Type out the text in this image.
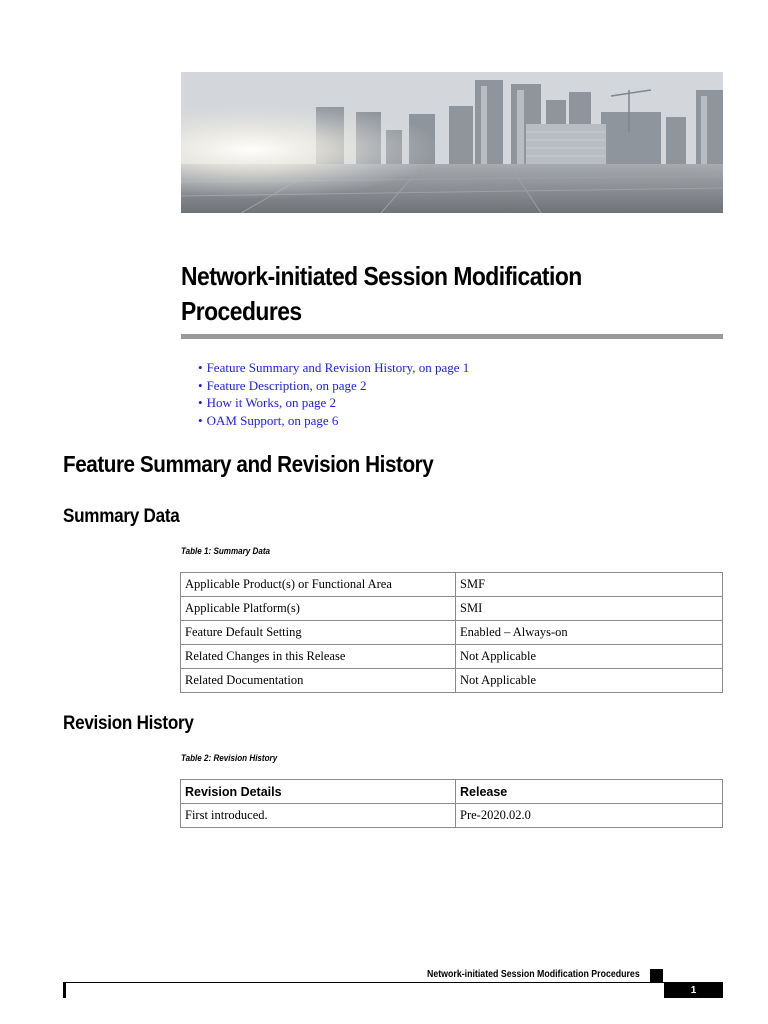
Network-initiated Session Modification
Procedures
• Feature Summary and Revision History, on page 1
• Feature Description, on page 2
• How it Works, on page 2
• OAM Support, on page 6
Feature Summary and Revision History
Summary Data
Table 1: Summary Data
Applicable Product(s) or Functional Area	SMF
Applicable Platform(s)	SMI
Feature Default Setting	Enabled – Always-on
Related Changes in this Release	Not Applicable
Related Documentation	Not Applicable
Revision History
Table 2: Revision History
Revision Details	Release
First introduced.	Pre-2020.02.0
Network-initiated Session Modification Procedures
1
